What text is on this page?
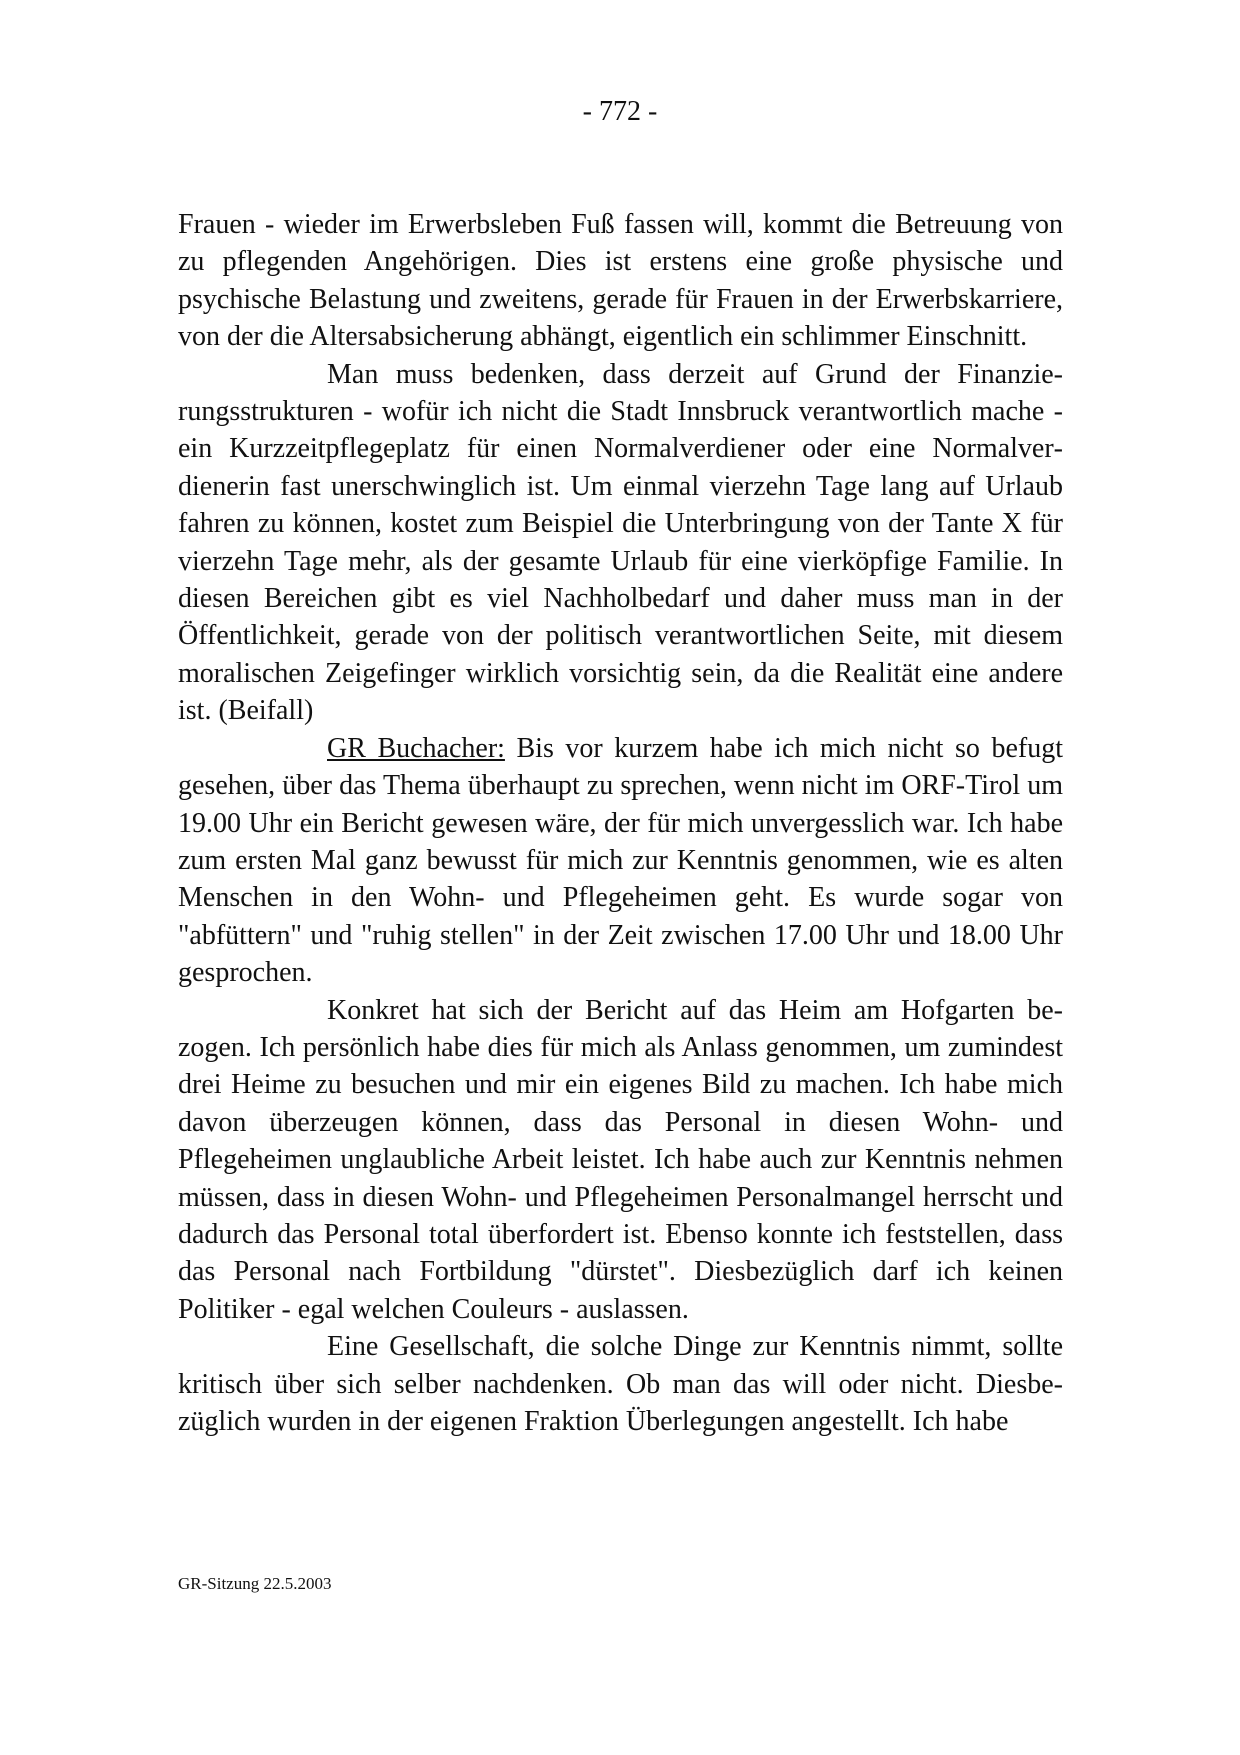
- 772 -

Frauen - wieder im Erwerbsleben Fuß fassen will, kommt die Betreuung von zu pflegenden Angehörigen. Dies ist erstens eine große physische und psychische Belastung und zweitens, gerade für Frauen in der Erwerbskarriere, von der die Altersabsicherung abhängt, eigentlich ein schlimmer Einschnitt.

Man muss bedenken, dass derzeit auf Grund der Finanzierungsstrukturen - wofür ich nicht die Stadt Innsbruck verantwortlich mache - ein Kurzzeitpflegeplatz für einen Normalverdiener oder eine Normalverdienerin fast unerschwinglich ist. Um einmal vierzehn Tage lang auf Urlaub fahren zu können, kostet zum Beispiel die Unterbringung von der Tante X für vierzehn Tage mehr, als der gesamte Urlaub für eine vierköpfige Familie. In diesen Bereichen gibt es viel Nachholbedarf und daher muss man in der Öffentlichkeit, gerade von der politisch verantwortlichen Seite, mit diesem moralischen Zeigefinger wirklich vorsichtig sein, da die Realität eine andere ist. (Beifall)

GR Buchacher: Bis vor kurzem habe ich mich nicht so befugt gesehen, über das Thema überhaupt zu sprechen, wenn nicht im ORF-Tirol um 19.00 Uhr ein Bericht gewesen wäre, der für mich unvergesslich war. Ich habe zum ersten Mal ganz bewusst für mich zur Kenntnis genommen, wie es alten Menschen in den Wohn- und Pflegeheimen geht. Es wurde sogar von "abfüttern" und "ruhig stellen" in der Zeit zwischen 17.00 Uhr und 18.00 Uhr gesprochen.

Konkret hat sich der Bericht auf das Heim am Hofgarten bezogen. Ich persönlich habe dies für mich als Anlass genommen, um zumindest drei Heime zu besuchen und mir ein eigenes Bild zu machen. Ich habe mich davon überzeugen können, dass das Personal in diesen Wohn- und Pflegeheimen unglaubliche Arbeit leistet. Ich habe auch zur Kenntnis nehmen müssen, dass in diesen Wohn- und Pflegeheimen Personalmangel herrscht und dadurch das Personal total überfordert ist. Ebenso konnte ich feststellen, dass das Personal nach Fortbildung "dürstet". Diesbezüglich darf ich keinen Politiker - egal welchen Couleurs - auslassen.

Eine Gesellschaft, die solche Dinge zur Kenntnis nimmt, sollte kritisch über sich selber nachdenken. Ob man das will oder nicht. Diesbezüglich wurden in der eigenen Fraktion Überlegungen angestellt. Ich habe

GR-Sitzung 22.5.2003
